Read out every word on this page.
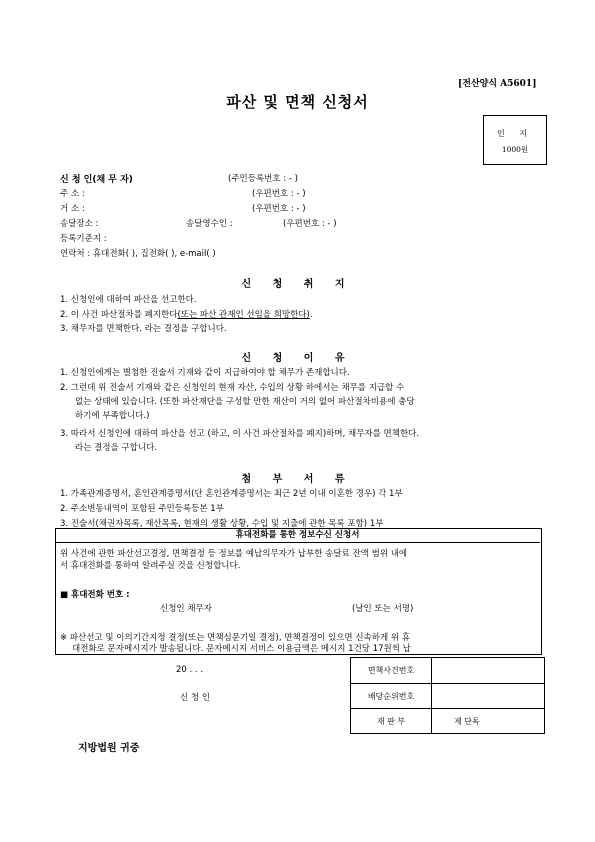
[전산양식 A5601]
파산 및 면책 신청서
인 지
1000원
신 청 인(채 무 자)	(주민등록번호 : - )
주 소 :	(우편번호 : - )
거 소 :	(우편번호 : - )
송달장소 :	송달영수인 :	(우편번호 : - )
등록기준지 :
연락처 : 휴대전화( ), 집전화( ), e-mail( )
신 청 취 지
1. 신청인에 대하여 파산을 선고한다.
2. 이 사건 파산절차를 폐지한다(또는 파산 관재인 선임을 희망한다).
3. 채무자를 면책한다. 라는 결정을 구합니다.
신 청 이 유
1. 신청인에게는 별첨한 진술서 기재와 같이 지급하여야 할 채무가 존재합니다.
2. 그런데 위 진술서 기재와 같은 신청인의 현재 자산, 수입의 상황 하에서는 채무를 지급할 수
없는 상태에 있습니다. (또한 파산재단을 구성할 만한 재산이 거의 없어 파산절차비용에 충당
하기에 부족합니다.)
3. 따라서 신청인에 대하여 파산을 선고 (하고, 이 사건 파산절차를 폐지)하며, 채무자를 면책한다.
라는 결정을 구합니다.
첨 부 서 류
1. 가족관계증명서, 혼인관계증명서(단 혼인관계증명서는 최근 2년 이내 이혼한 경우) 각 1부
2. 주소변동내역이 포함된 주민등록등본 1부
3. 진술서(채권자목록, 재산목록, 현재의 생활 상황, 수입 및 지출에 관한 목록 포함) 1부
휴대전화를 통한 정보수신 신청서
위 사건에 관한 파산선고결정, 면책결정 등 정보를 예납의무자가 납부한 송달료 잔액 범위 내에
서 휴대전화를 통하여 알려주실 것을 신청합니다.
■ 휴대전화 번호 :
신청인 채무자	(날인 또는 서명)
※ 파산선고 및 이의기간지정 결정(또는 면책심문기일 결정), 면책결정이 있으면 신속하게 위 휴
대전화로 문자메시지가 발송됩니다. 문자메시지 서비스 이용금액은 메시지 1건당 17원씩 납
20 . . .
신 청 인
면책사건번호
배당순위번호
재 판 부	제 단독
지방법원 귀중
